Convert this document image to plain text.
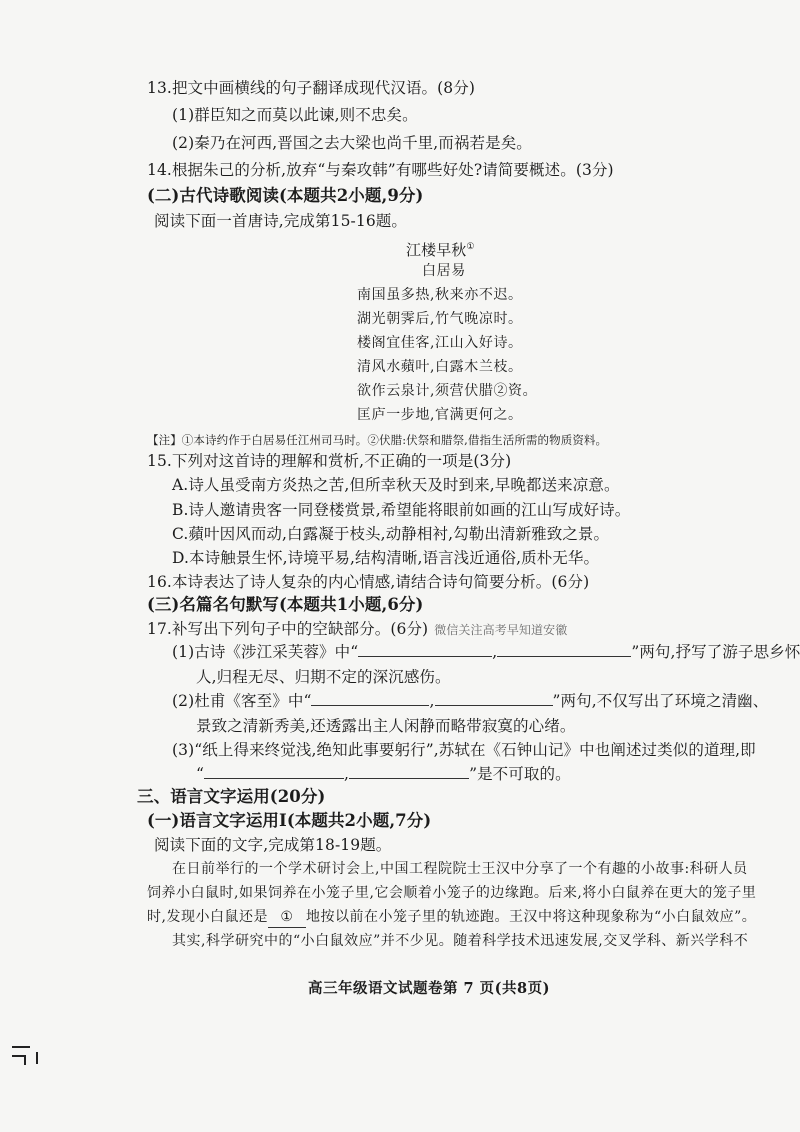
13.把文中画横线的句子翻译成现代汉语。(8分)
(1)群臣知之而莫以此谏,则不忠矣。
(2)秦乃在河西,晋国之去大梁也尚千里,而祸若是矣。
14.根据朱己的分析,放弃“与秦攻韩”有哪些好处?请简要概述。(3分)
(二)古代诗歌阅读(本题共2小题,9分)
阅读下面一首唐诗,完成第15-16题。
江楼早秋①
白居易
南国虽多热,秋来亦不迟。
湖光朝霁后,竹气晚凉时。
楼阁宜佳客,江山入好诗。
清风水蘋叶,白露木兰枝。
欲作云泉计,须营伏腊②资。
匡庐一步地,官满更何之。
【注】①本诗约作于白居易任江州司马时。②伏腊:伏祭和腊祭,借指生活所需的物质资料。
15.下列对这首诗的理解和赏析,不正确的一项是(3分)
A.诗人虽受南方炎热之苦,但所幸秋天及时到来,早晚都送来凉意。
B.诗人邀请贵客一同登楼赏景,希望能将眼前如画的江山写成好诗。
C.蘋叶因风而动,白露凝于枝头,动静相衬,勾勒出清新雅致之景。
D.本诗触景生怀,诗境平易,结构清晰,语言浅近通俗,质朴无华。
16.本诗表达了诗人复杂的内心情感,请结合诗句简要分析。(6分)
(三)名篇名句默写(本题共1小题,6分)
17.补写出下列句子中的空缺部分。(6分) 微信关注高考早知道安徽
(1)古诗《涉江采芙蓉》中“	,	”两句,抒写了游子思乡怀
人,归程无尽、归期不定的深沉感伤。
(2)杜甫《客至》中“	,	”两句,不仅写出了环境之清幽、
景致之清新秀美,还透露出主人闲静而略带寂寞的心绪。
(3)“纸上得来终觉浅,绝知此事要躬行”,苏轼在《石钟山记》中也阐述过类似的道理,即
“	,	”是不可取的。
三、语言文字运用(20分)
(一)语言文字运用Ⅰ(本题共2小题,7分)
阅读下面的文字,完成第18-19题。
在日前举行的一个学术研讨会上,中国工程院院士王汉中分享了一个有趣的小故事:科研人员
饲养小白鼠时,如果饲养在小笼子里,它会顺着小笼子的边缘跑。后来,将小白鼠养在更大的笼子里
时,发现小白鼠还是 ① 地按以前在小笼子里的轨迹跑。王汉中将这种现象称为“小白鼠效应”。
其实,科学研究中的“小白鼠效应”并不少见。随着科学技术迅速发展,交叉学科、新兴学科不
高三年级语文试题卷第 7 页(共8页)
